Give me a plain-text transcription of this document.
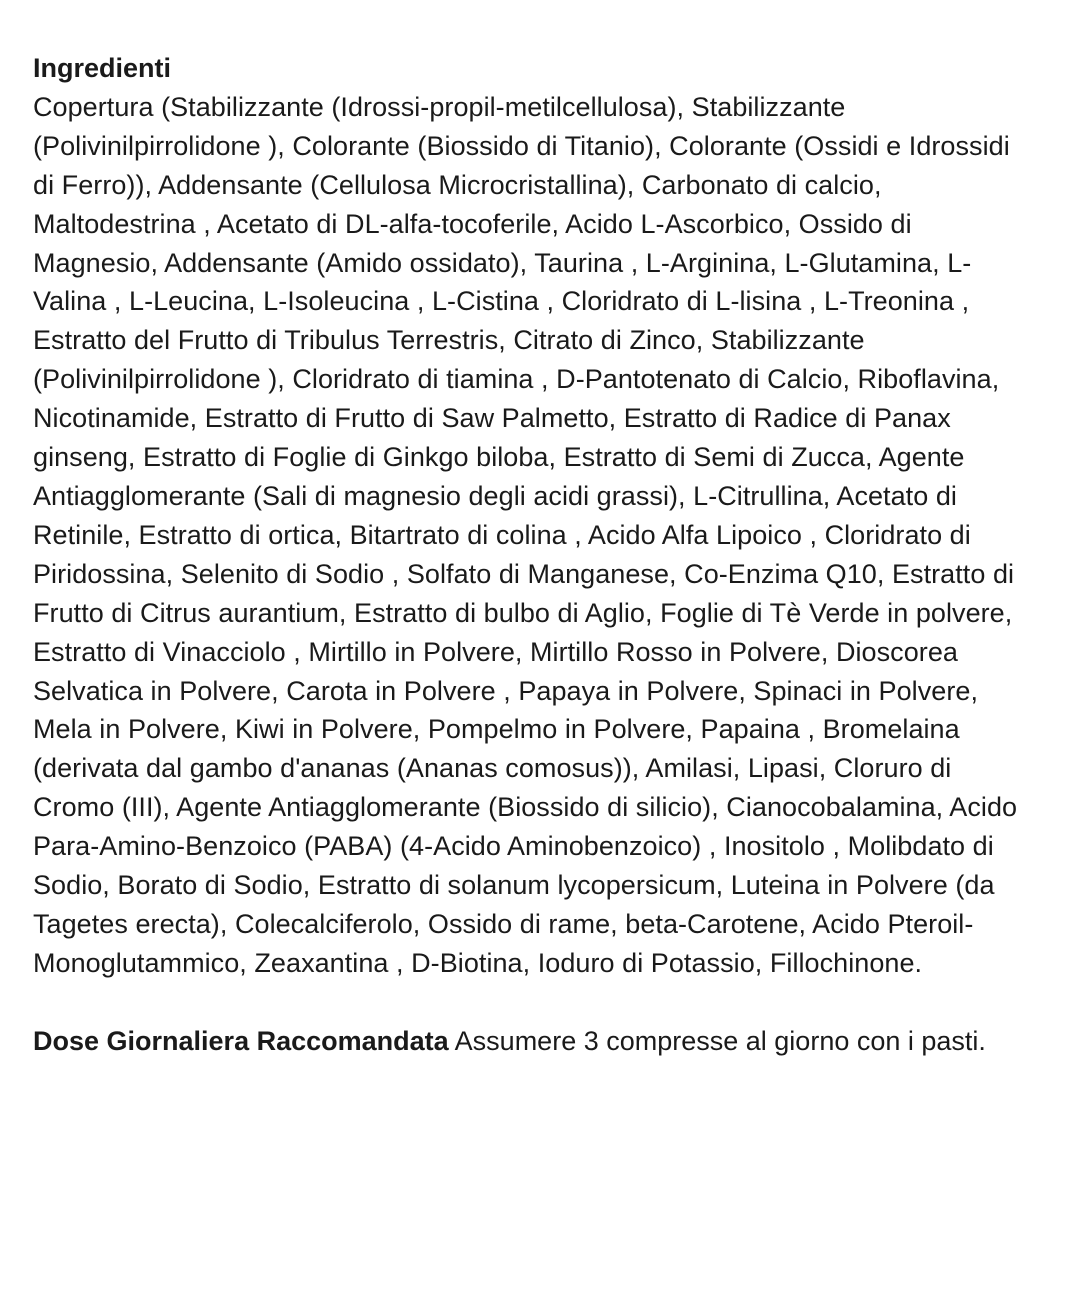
Ingredienti

Copertura (Stabilizzante (Idrossi-propil-metilcellulosa), Stabilizzante (Polivinilpirrolidone ), Colorante (Biossido di Titanio), Colorante (Ossidi e Idrossidi di Ferro)), Addensante (Cellulosa Microcristallina), Carbonato di calcio, Maltodestrina , Acetato di DL-alfa-tocoferile, Acido L-Ascorbico, Ossido di Magnesio, Addensante (Amido ossidato), Taurina , L-Arginina, L-Glutamina, L-Valina , L-Leucina, L-Isoleucina , L-Cistina , Cloridrato di L-lisina , L-Treonina , Estratto del Frutto di Tribulus Terrestris, Citrato di Zinco, Stabilizzante (Polivinilpirrolidone ), Cloridrato di tiamina , D-Pantotenato di Calcio, Riboflavina, Nicotinamide, Estratto di Frutto di Saw Palmetto, Estratto di Radice di Panax ginseng, Estratto di Foglie di Ginkgo biloba, Estratto di Semi di Zucca, Agente Antiagglomerante (Sali di magnesio degli acidi grassi), L-Citrullina, Acetato di Retinile, Estratto di ortica, Bitartrato di colina , Acido Alfa Lipoico , Cloridrato di Piridossina, Selenito di Sodio , Solfato di Manganese, Co-Enzima Q10, Estratto di Frutto di Citrus aurantium, Estratto di bulbo di Aglio, Foglie di Tè Verde in polvere, Estratto di Vinacciolo , Mirtillo in Polvere, Mirtillo Rosso in Polvere, Dioscorea Selvatica in Polvere, Carota in Polvere , Papaya in Polvere, Spinaci in Polvere, Mela in Polvere, Kiwi in Polvere, Pompelmo in Polvere, Papaina , Bromelaina (derivata dal gambo d'ananas (Ananas comosus)), Amilasi, Lipasi, Cloruro di Cromo (III), Agente Antiagglomerante (Biossido di silicio), Cianocobalamina, Acido Para-Amino-Benzoico (PABA) (4-Acido Aminobenzoico) , Inositolo , Molibdato di Sodio, Borato di Sodio, Estratto di solanum lycopersicum, Luteina in Polvere (da Tagetes erecta), Colecalciferolo, Ossido di rame, beta-Carotene, Acido Pteroil-Monoglutammico, Zeaxantina , D-Biotina, Ioduro di Potassio, Fillochinone.

Dose Giornaliera Raccomandata Assumere 3 compresse al giorno con i pasti.
